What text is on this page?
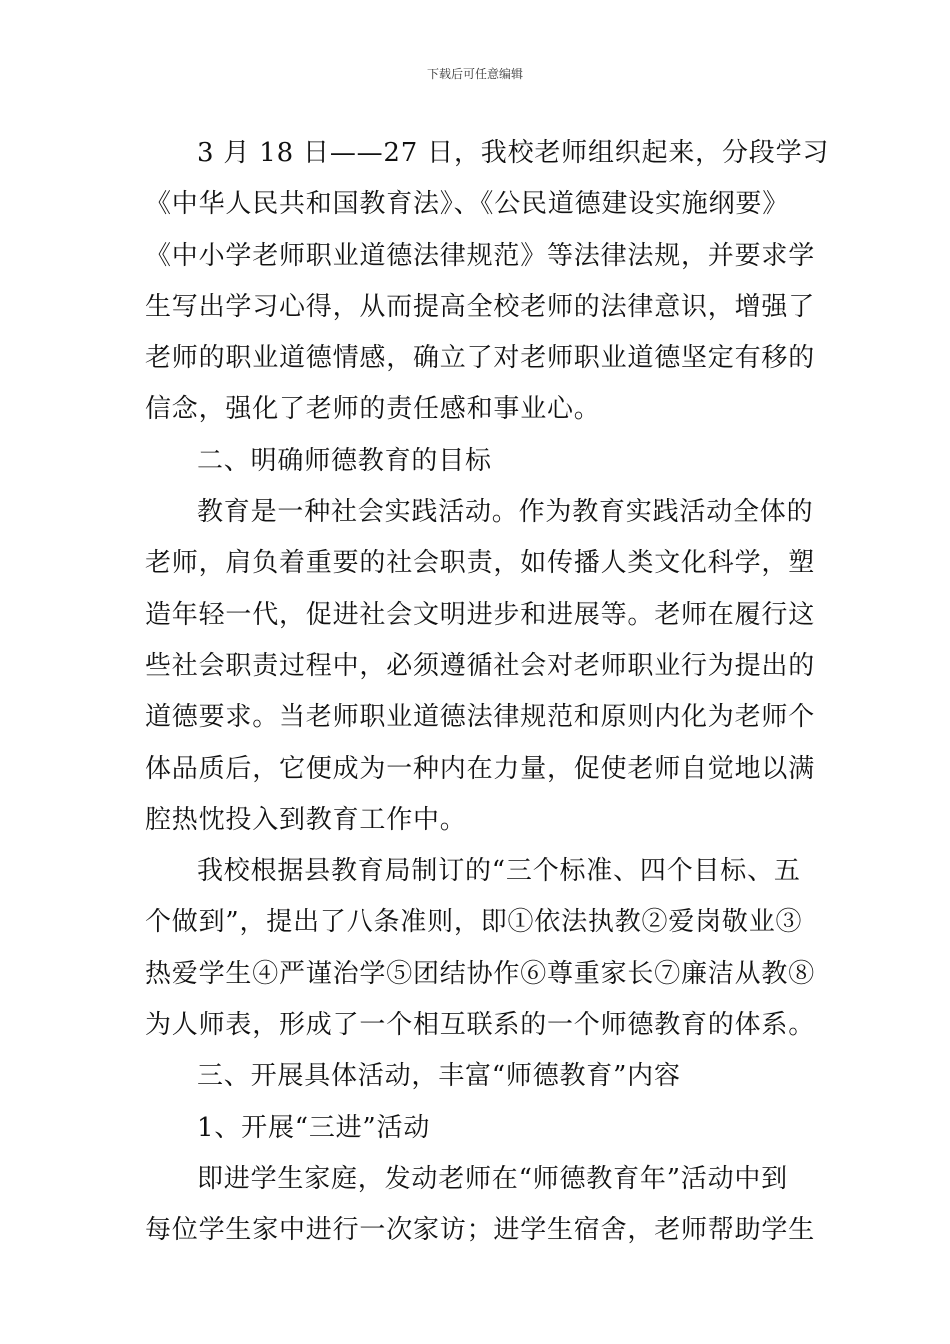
下载后可任意编辑
3 月 18 日——27 日，我校老师组织起来，分段学习
《中华人民共和国教育法》、《公民道德建设实施纲要》
《中小学老师职业道德法律规范》等法律法规，并要求学
生写出学习心得，从而提高全校老师的法律意识，增强了
老师的职业道德情感，确立了对老师职业道德坚定有移的
信念，强化了老师的责任感和事业心。
二、明确师德教育的目标
教育是一种社会实践活动。作为教育实践活动全体的
老师，肩负着重要的社会职责，如传播人类文化科学，塑
造年轻一代，促进社会文明进步和进展等。老师在履行这
些社会职责过程中，必须遵循社会对老师职业行为提出的
道德要求。当老师职业道德法律规范和原则内化为老师个
体品质后，它便成为一种内在力量，促使老师自觉地以满
腔热忱投入到教育工作中。
我校根据县教育局制订的“三个标准、四个目标、五
个做到”，提出了八条准则，即①依法执教②爱岗敬业③
热爱学生④严谨治学⑤团结协作⑥尊重家长⑦廉洁从教⑧
为人师表，形成了一个相互联系的一个师德教育的体系。
三、开展具体活动，丰富“师德教育”内容
1、开展“三进”活动
即进学生家庭，发动老师在“师德教育年”活动中到
每位学生家中进行一次家访；进学生宿舍，老师帮助学生
